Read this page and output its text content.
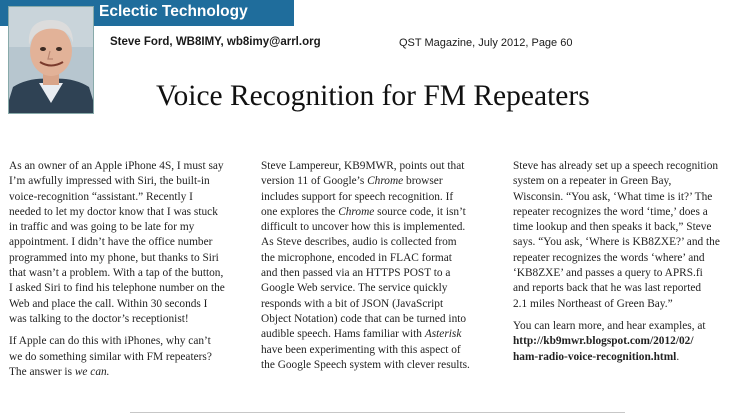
Eclectic Technology
Steve Ford, WB8IMY, wb8imy@arrl.org	QST Magazine, July 2012, Page 60
Voice Recognition for FM Repeaters

As an owner of an Apple iPhone 4S, I must say
I’m awfully impressed with Siri, the built-in
voice-recognition “assistant.” Recently I
needed to let my doctor know that I was stuck
in traffic and was going to be late for my
appointment. I didn’t have the office number
programmed into my phone, but thanks to Siri
that wasn’t a problem. With a tap of the button,
I asked Siri to find his telephone number on the
Web and place the call. Within 30 seconds I
was talking to the doctor’s receptionist!

If Apple can do this with iPhones, why can’t
we do something similar with FM repeaters?
The answer is we can.

Steve Lampereur, KB9MWR, points out that
version 11 of Google’s Chrome browser
includes support for speech recognition. If
one explores the Chrome source code, it isn’t
difficult to uncover how this is implemented.
As Steve describes, audio is collected from
the microphone, encoded in FLAC format
and then passed via an HTTPS POST to a
Google Web service. The service quickly
responds with a bit of JSON (JavaScript
Object Notation) code that can be turned into
audible speech. Hams familiar with Asterisk
have been experimenting with this aspect of
the Google Speech system with clever results.

Steve has already set up a speech recognition
system on a repeater in Green Bay,
Wisconsin. “You ask, ‘What time is it?’ The
repeater recognizes the word ‘time,’ does a
time lookup and then speaks it back,” Steve
says. “You ask, ‘Where is KB8ZXE?’ and the
repeater recognizes the words ‘where’ and
‘KB8ZXE’ and passes a query to APRS.fi
and reports back that he was last reported
2.1 miles Northeast of Green Bay.”

You can learn more, and hear examples, at
http://kb9mwr.blogspot.com/2012/02/
ham-radio-voice-recognition.html.
